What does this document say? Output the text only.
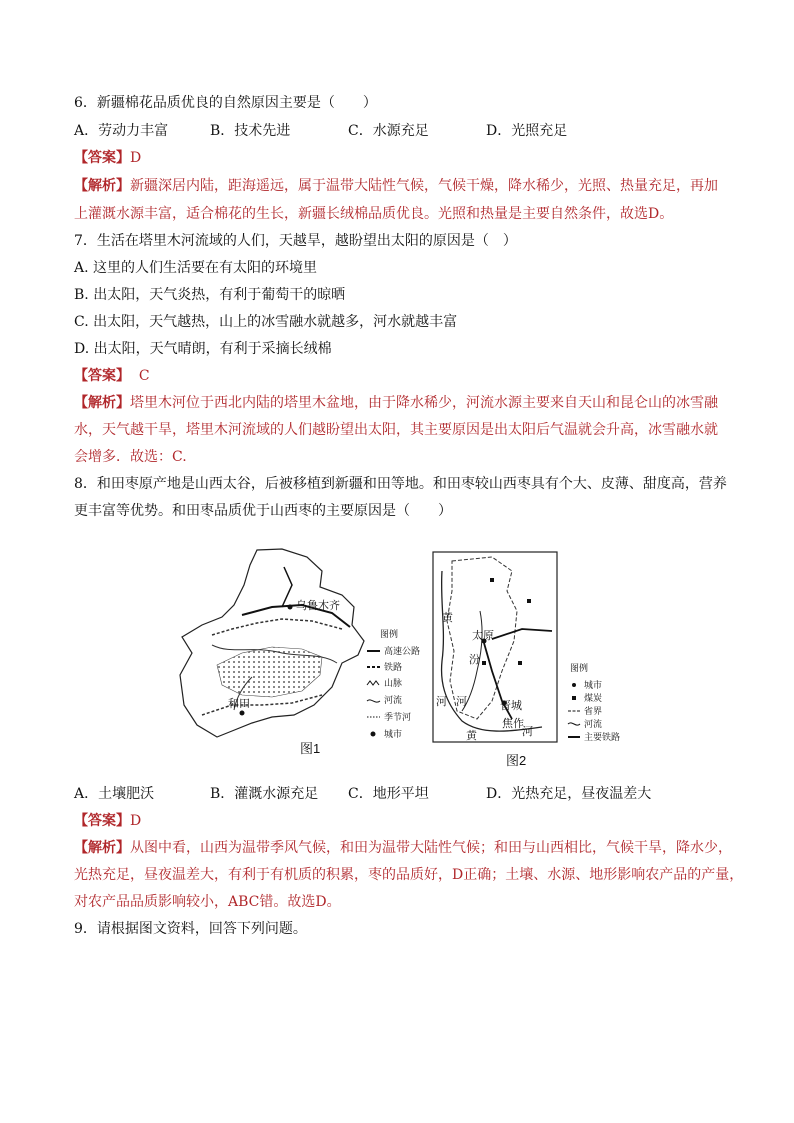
6．新疆棉花品质优良的自然原因主要是（　　）
A．劳动力丰富	B．技术先进	C．水源充足	D．光照充足
【答案】D
【解析】新疆深居内陆，距海遥远，属于温带大陆性气候，气候干燥，降水稀少，光照、热量充足，再加
上灌溉水源丰富，适合棉花的生长，新疆长绒棉品质优良。光照和热量是主要自然条件，故选D。
7．生活在塔里木河流域的人们，天越旱，越盼望出太阳的原因是（　）
A. 这里的人们生活要在有太阳的环境里
B. 出太阳，天气炎热，有利于葡萄干的晾晒
C. 出太阳，天气越热，山上的冰雪融水就越多，河水就越丰富
D. 出太阳，天气晴朗，有利于采摘长绒棉
【答案】 C
【解析】塔里木河位于西北内陆的塔里木盆地，由于降水稀少，河流水源主要来自天山和昆仑山的冰雪融
水，天气越干旱，塔里木河流域的人们越盼望出太阳，其主要原因是出太阳后气温就会升高，冰雪融水就
会增多．故选：C.
8．和田枣原产地是山西太谷，后被移植到新疆和田等地。和田枣较山西枣具有个大、皮薄、甜度高，营养
更丰富等优势。和田枣品质优于山西枣的主要原因是（　　）
乌鲁木齐
和田
图例
高速公路
铁路
山脉
河流
季节河
城市
图1
黄
太原
汾
河 河	晋城
焦作
黄	河
图例
城市
煤炭
省界
河流
主要铁路
图2
A．土壤肥沃	B．灌溉水源充足 C．地形平坦	D．光热充足，昼夜温差大
【答案】D
【解析】从图中看，山西为温带季风气候，和田为温带大陆性气候；和田与山西相比，气候干旱，降水少，
光热充足，昼夜温差大，有利于有机质的积累，枣的品质好，D正确；土壤、水源、地形影响农产品的产量，
对农产品品质影响较小，ABC错。故选D。
9．请根据图文资料，回答下列问题。
